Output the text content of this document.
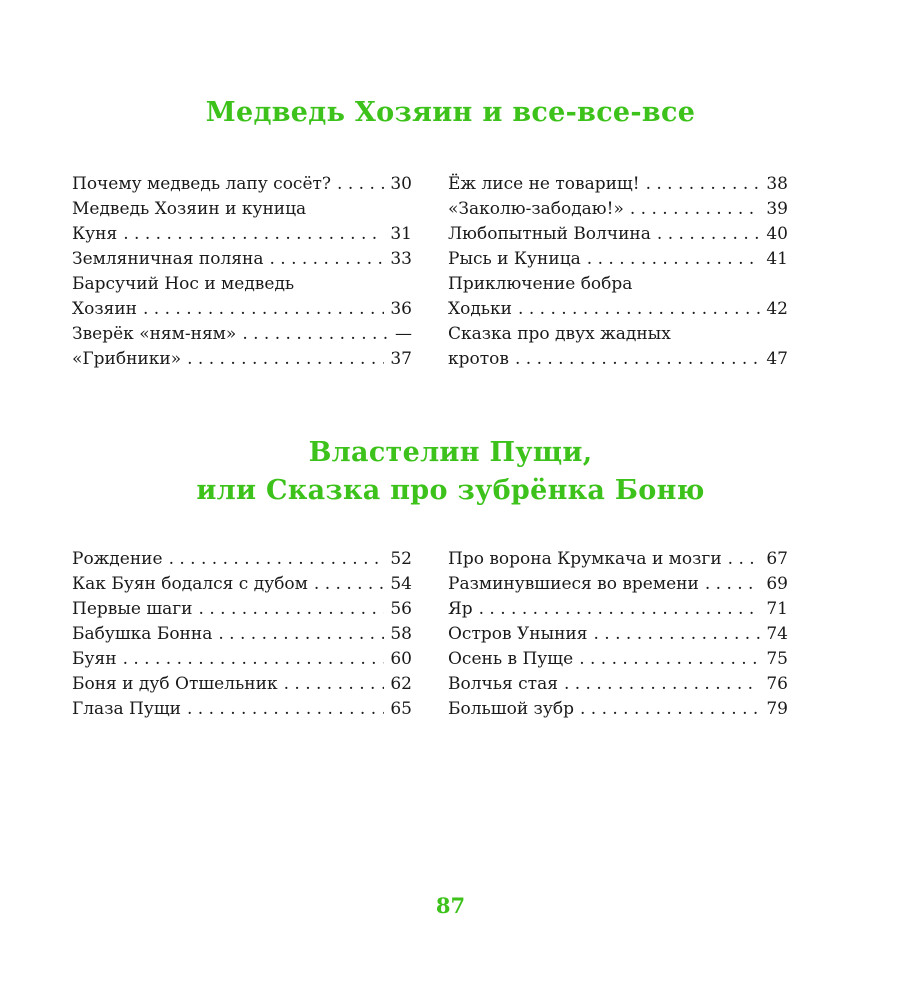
Медведь Хозяин и все-все-все
Почему медведь лапу сосёт? . . .	30
Медведь Хозяин и куница
Куня . . .	31
Земляничная поляна . . .	33
Барсучий Нос и медведь
Хозяин . . .	36
Зверёк «ням-ням» . . .	—
«Грибники» . . .	37
Ёж лисе не товарищ! . . .	38
«Заколю-забодаю!» . . .	39
Любопытный Волчина . . .	40
Рысь и Куница . . .	41
Приключение бобра
Ходьки . . .	42
Сказка про двух жадных
кротов . . .	47
Властелин Пущи,
или Сказка про зубрёнка Боню
Рождение . . .	52
Как Буян бодался с дубом . . .	54
Первые шаги . . .	56
Бабушка Бонна . . .	58
Буян . . .	60
Боня и дуб Отшельник . . .	62
Глаза Пущи . . .	65
Про ворона Крумкача и мозги . . .	67
Разминувшиеся во времени . . .	69
Яр . . .	71
Остров Уныния . . .	74
Осень в Пуще . . .	75
Волчья стая . . .	76
Большой зубр . . .	79
87
